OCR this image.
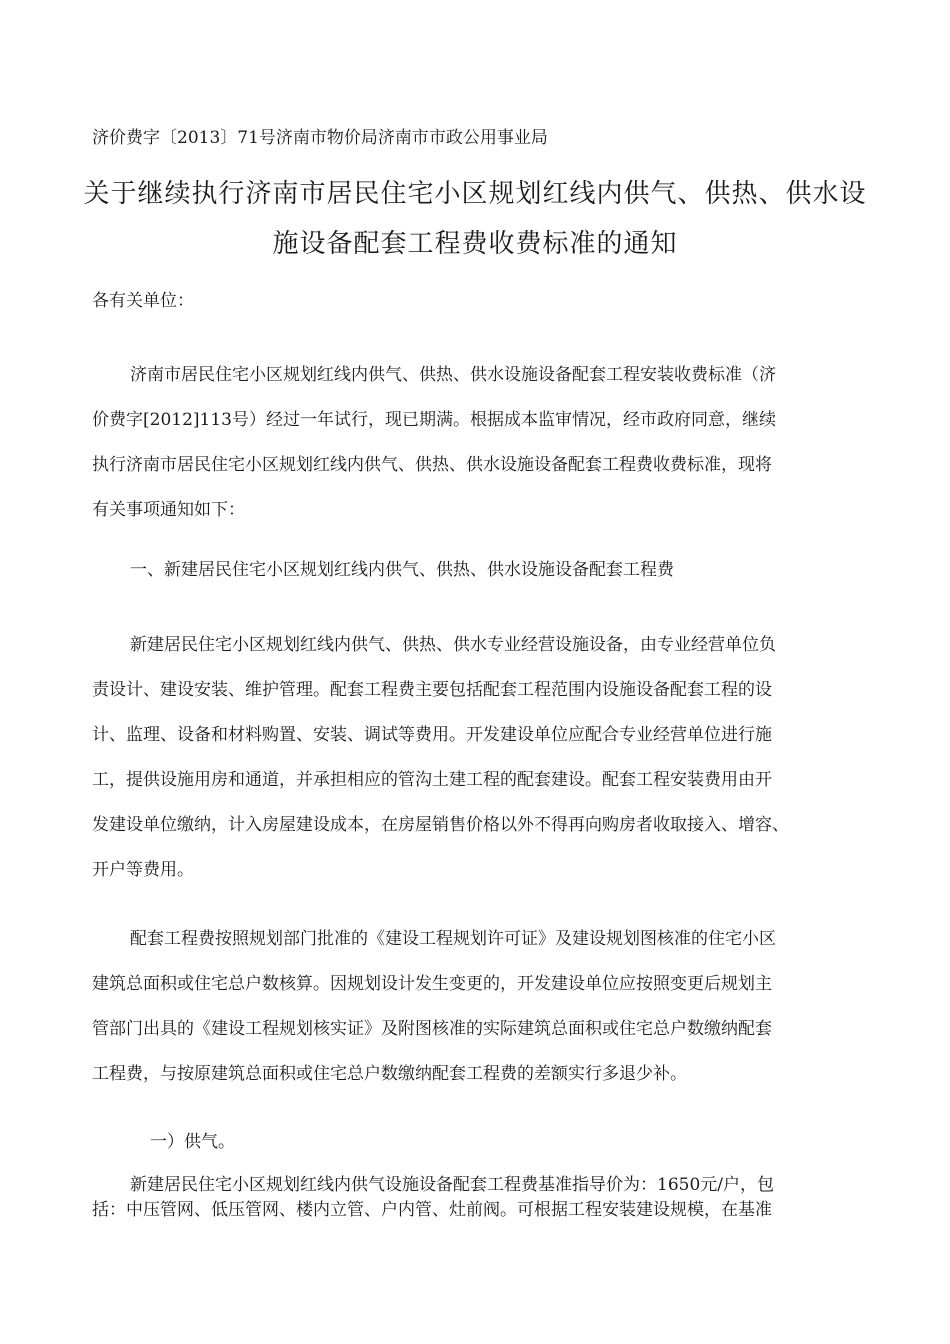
济价费字〔2013〕71号济南市物价局济南市市政公用事业局
关于继续执行济南市居民住宅小区规划红线内供气、供热、供水设
施设备配套工程费收费标准的通知
各有关单位：

济南市居民住宅小区规划红线内供气、供热、供水设施设备配套工程安装收费标准（济

价费字[2012]113号）经过一年试行，现已期满。根据成本监审情况，经市政府同意，继续

执行济南市居民住宅小区规划红线内供气、供热、供水设施设备配套工程费收费标准，现将

有关事项通知如下：

一、新建居民住宅小区规划红线内供气、供热、供水设施设备配套工程费

新建居民住宅小区规划红线内供气、供热、供水专业经营设施设备，由专业经营单位负

责设计、建设安装、维护管理。配套工程费主要包括配套工程范围内设施设备配套工程的设

计、监理、设备和材料购置、安装、调试等费用。开发建设单位应配合专业经营单位进行施

工，提供设施用房和通道，并承担相应的管沟土建工程的配套建设。配套工程安装费用由开

发建设单位缴纳，计入房屋建设成本，在房屋销售价格以外不得再向购房者收取接入、增容、

开户等费用。

配套工程费按照规划部门批准的《建设工程规划许可证》及建设规划图核准的住宅小区

建筑总面积或住宅总户数核算。因规划设计发生变更的，开发建设单位应按照变更后规划主

管部门出具的《建设工程规划核实证》及附图核准的实际建筑总面积或住宅总户数缴纳配套

工程费，与按原建筑总面积或住宅总户数缴纳配套工程费的差额实行多退少补。

一）供气。

新建居民住宅小区规划红线内供气设施设备配套工程费基准指导价为：1650元/户，包

括：中压管网、低压管网、楼内立管、户内管、灶前阀。可根据工程安装建设规模，在基准
